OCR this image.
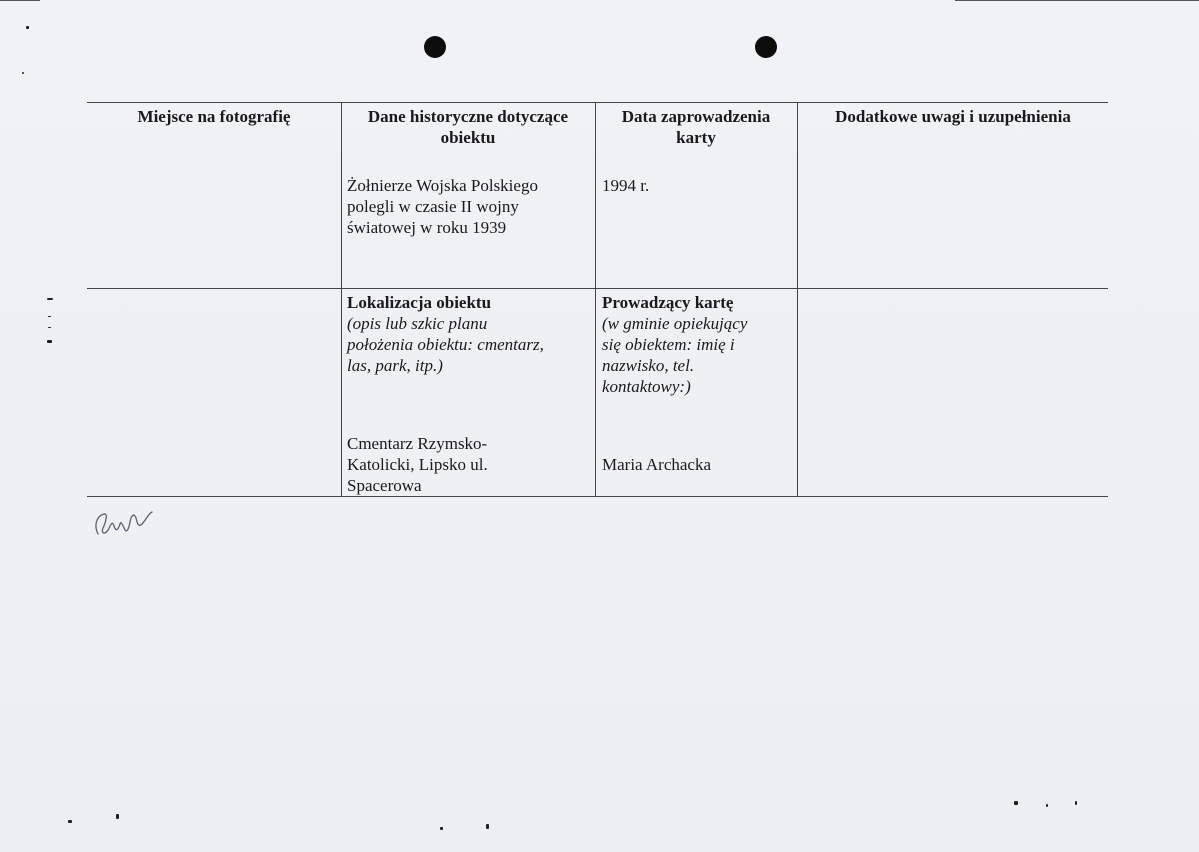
Miejsce na fotografię	Dane historyczne dotyczące
obiektu
Data zaprowadzenia
karty
Dodatkowe uwagi i uzupełnienia
Żołnierze Wojska Polskiego
polegli w czasie II wojny
światowej w roku 1939
1994 r.
Lokalizacja obiektu
(opis lub szkic planu
położenia obiektu: cmentarz,
las, park, itp.)
Cmentarz Rzymsko-
Katolicki, Lipsko ul.
Spacerowa
Prowadzący kartę
(w gminie opiekujący
się obiektem: imię i
nazwisko, tel.
kontaktowy:)
Maria Archacka
